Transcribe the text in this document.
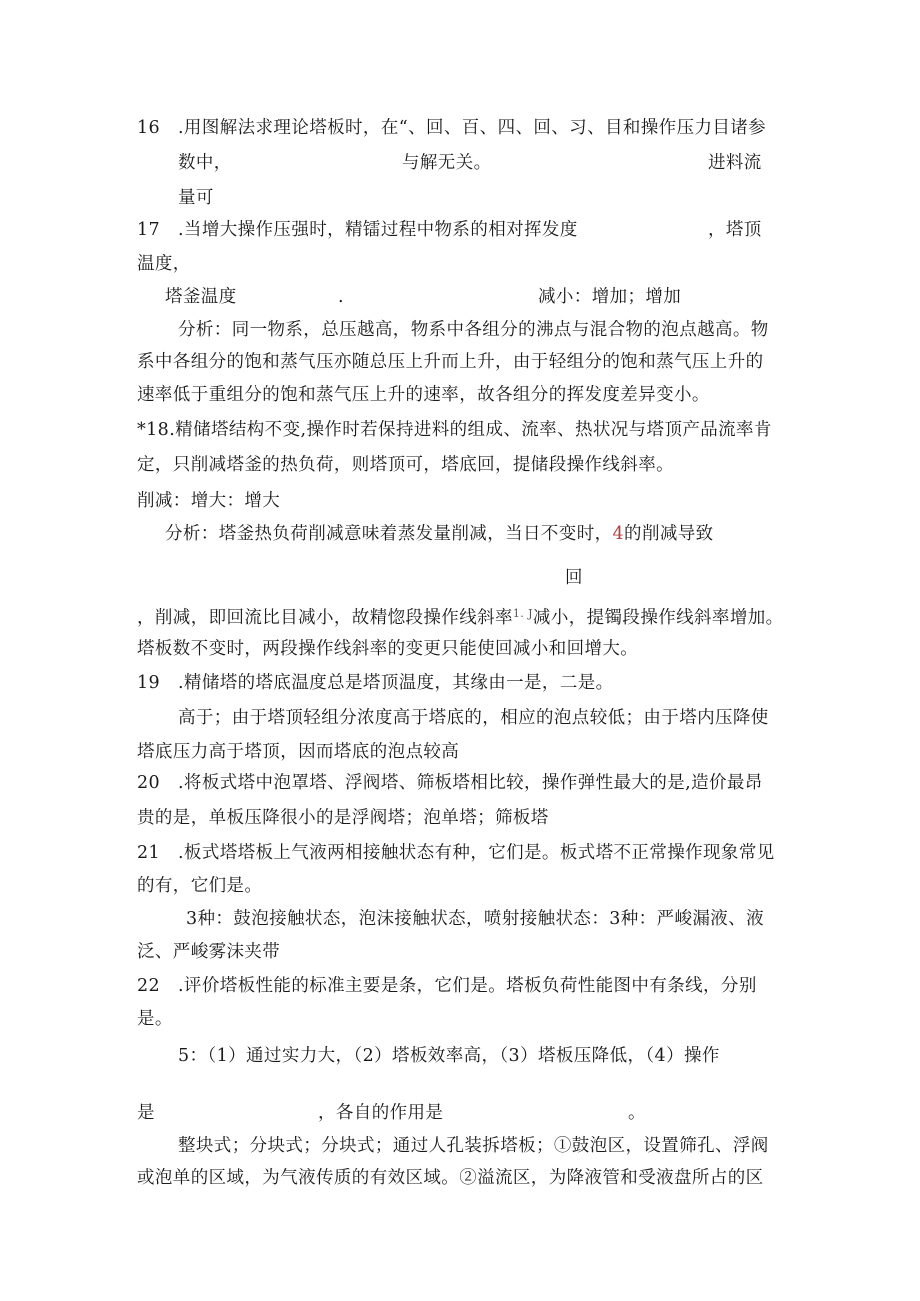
16　.用图解法求理论塔板时，在“、回、百、四、回、习、目和操作压力目诸参
数中，	与解无关。	进料流
量可
17　.当增大操作压强时，精镭过程中物系的相对挥发度	，塔顶
温度，
塔釜温度	.	减小：增加；增加
分析：同一物系，总压越高，物系中各组分的沸点与混合物的泡点越高。物
系中各组分的饱和蒸气压亦随总压上升而上升，由于轻组分的饱和蒸气压上升的
速率低于重组分的饱和蒸气压上升的速率，故各组分的挥发度差异变小。
*18.精储塔结构不变,操作时若保持进料的组成、流率、热状况与塔顶产品流率肯
定，只削减塔釜的热负荷，则塔顶可，塔底回，提储段操作线斜率。
削减：增大：增大
分析：塔釜热负荷削减意味着蒸发量削减，当日不变时，4的削减导致
回
，削减，即回流比目减小，故精惚段操作线斜率$^{1. J}$减小，提镯段操作线斜率增加。
塔板数不变时，两段操作线斜率的变更只能使回减小和回增大。
19　.精储塔的塔底温度总是塔顶温度，其缘由一是，二是。
高于；由于塔顶轻组分浓度高于塔底的，相应的泡点较低；由于塔内压降使
塔底压力高于塔顶，因而塔底的泡点较高
20　.将板式塔中泡罩塔、浮阀塔、筛板塔相比较，操作弹性最大的是,造价最昂
贵的是，单板压降很小的是浮阀塔；泡单塔；筛板塔
21　.板式塔塔板上气液两相接触状态有种，它们是。板式塔不正常操作现象常见
的有，它们是。
3种：鼓泡接触状态，泡沫接触状态，喷射接触状态：3种：严峻漏液、液
泛、严峻雾沫夹带
22　.评价塔板性能的标准主要是条，它们是。塔板负荷性能图中有条线，分别
是。
5：（1）通过实力大，（2）塔板效率高，（3）塔板压降低，（4）操作
是	，各自的作用是	。
整块式；分块式；分块式；通过人孔装拆塔板；①鼓泡区，设置筛孔、浮阀
或泡单的区域，为气液传质的有效区域。②溢流区，为降液管和受液盘所占的区
